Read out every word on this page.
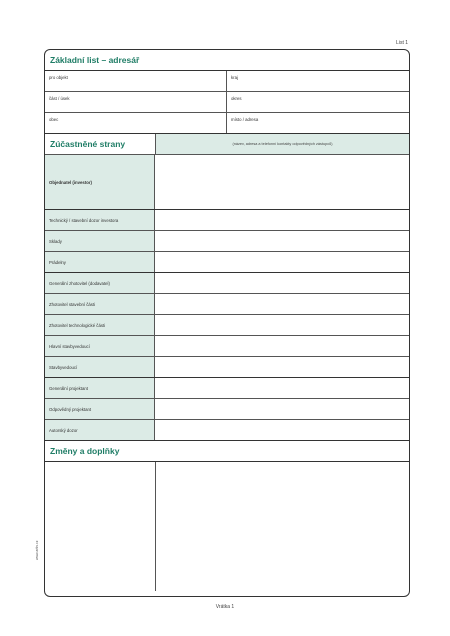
List 1
www.artis.cz
Základní list – adresář
pro objekt	kraj
část / úsek	okres
obec	místo / adresa
Zúčastněné strany	(název, adresa a telefonní kontakty odpovědných zástupců)
Objednatel (investor)
Technický / stavební dozor investora
Sklady
Prádelny
Generální zhotovitel (dodavatel)
Zhotovitel stavební části
Zhotovitel technologické části
Hlavní stavbyvedoucí
Stavbyvedoucí
Generální projektant
Odpovědný projektant
Autorský dozor
Změny a doplňky
Vrátka 1
